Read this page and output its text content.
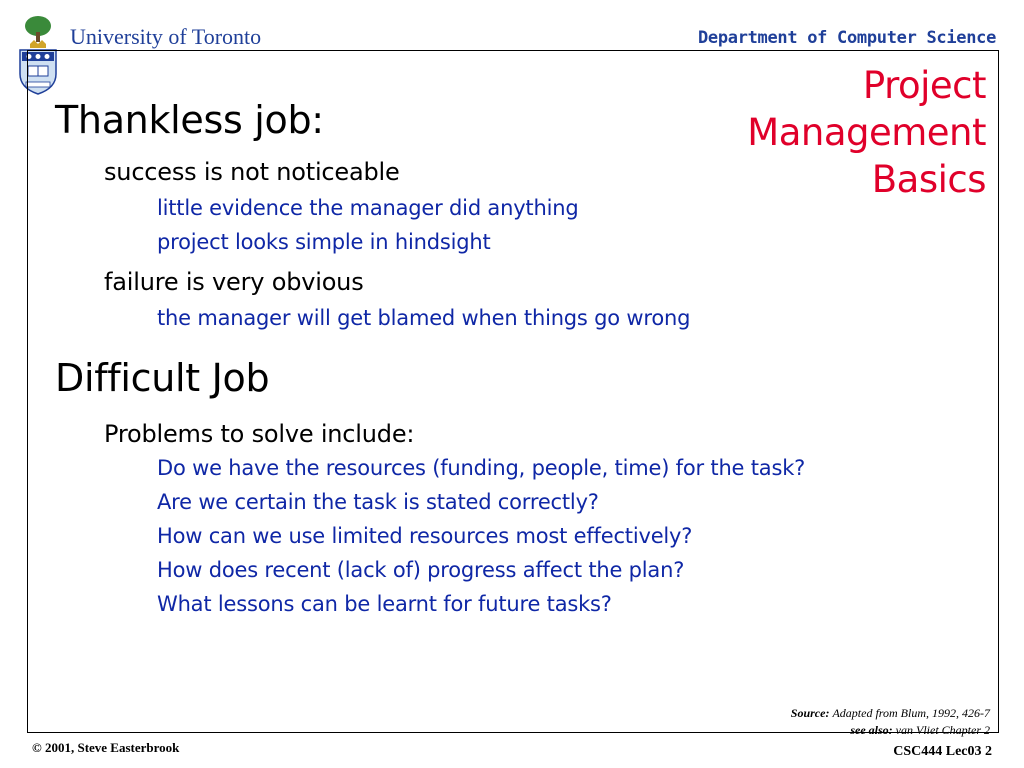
University of Toronto	Department of Computer Science
Project
Management
Basics
Thankless job:
success is not noticeable
little evidence the manager did anything
project looks simple in hindsight
failure is very obvious
the manager will get blamed when things go wrong
Difficult Job
Problems to solve include:
Do we have the resources (funding, people, time) for the task?
Are we certain the task is stated correctly?
How can we use limited resources most effectively?
How does recent (lack of) progress affect the plan?
What lessons can be learnt for future tasks?
Source: Adapted from Blum, 1992, 426-7
see also: van Vliet Chapter 2
© 2001, Steve Easterbrook	CSC444 Lec03 2
